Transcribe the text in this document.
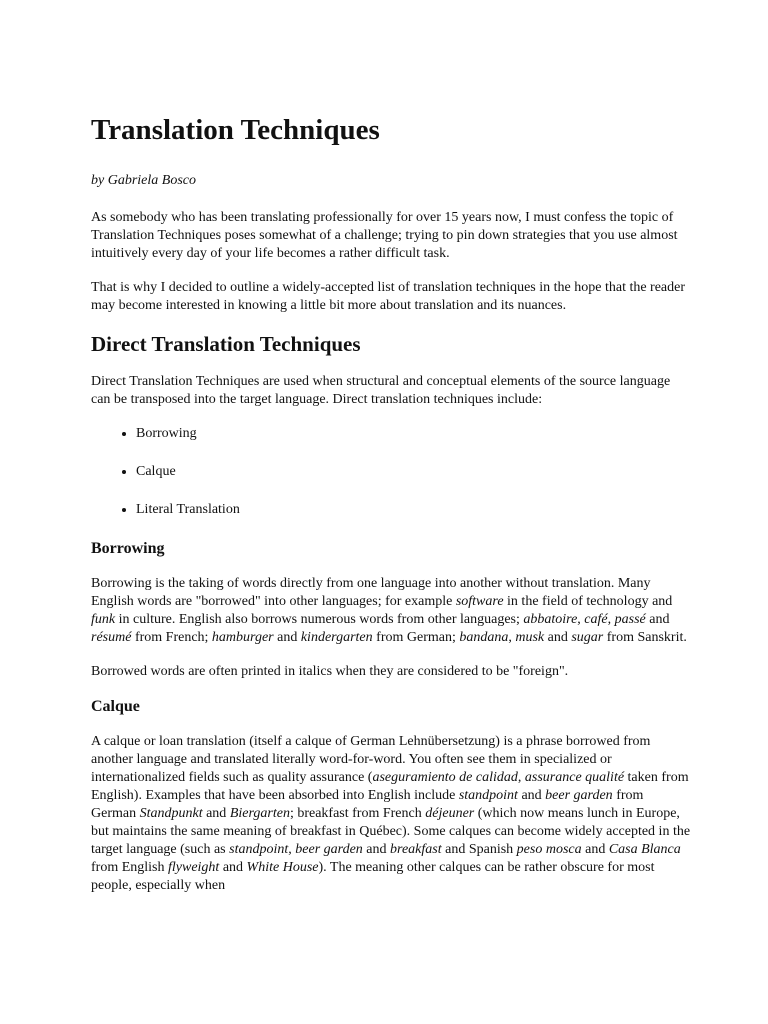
Translation Techniques

by Gabriela Bosco

As somebody who has been translating professionally for over 15 years now, I must confess the topic of Translation Techniques poses somewhat of a challenge; trying to pin down strategies that you use almost intuitively every day of your life becomes a rather difficult task.

That is why I decided to outline a widely-accepted list of translation techniques in the hope that the reader may become interested in knowing a little bit more about translation and its nuances.

Direct Translation Techniques

Direct Translation Techniques are used when structural and conceptual elements of the source language can be transposed into the target language. Direct translation techniques include:

• Borrowing
• Calque
• Literal Translation
Borrowing

Borrowing is the taking of words directly from one language into another without translation. Many English words are "borrowed" into other languages; for example software in the field of technology and funk in culture. English also borrows numerous words from other languages; abbatoire, café, passé and résumé from French; hamburger and kindergarten from German; bandana, musk and sugar from Sanskrit.

Borrowed words are often printed in italics when they are considered to be "foreign".

Calque

A calque or loan translation (itself a calque of German Lehnübersetzung) is a phrase borrowed from another language and translated literally word-for-word. You often see them in specialized or internationalized fields such as quality assurance (aseguramiento de calidad, assurance qualité taken from English). Examples that have been absorbed into English include standpoint and beer garden from German Standpunkt and Biergarten; breakfast from French déjeuner (which now means lunch in Europe, but maintains the same meaning of breakfast in Québec). Some calques can become widely accepted in the target language (such as standpoint, beer garden and breakfast and Spanish peso mosca and Casa Blanca from English flyweight and White House). The meaning other calques can be rather obscure for most people, especially when
